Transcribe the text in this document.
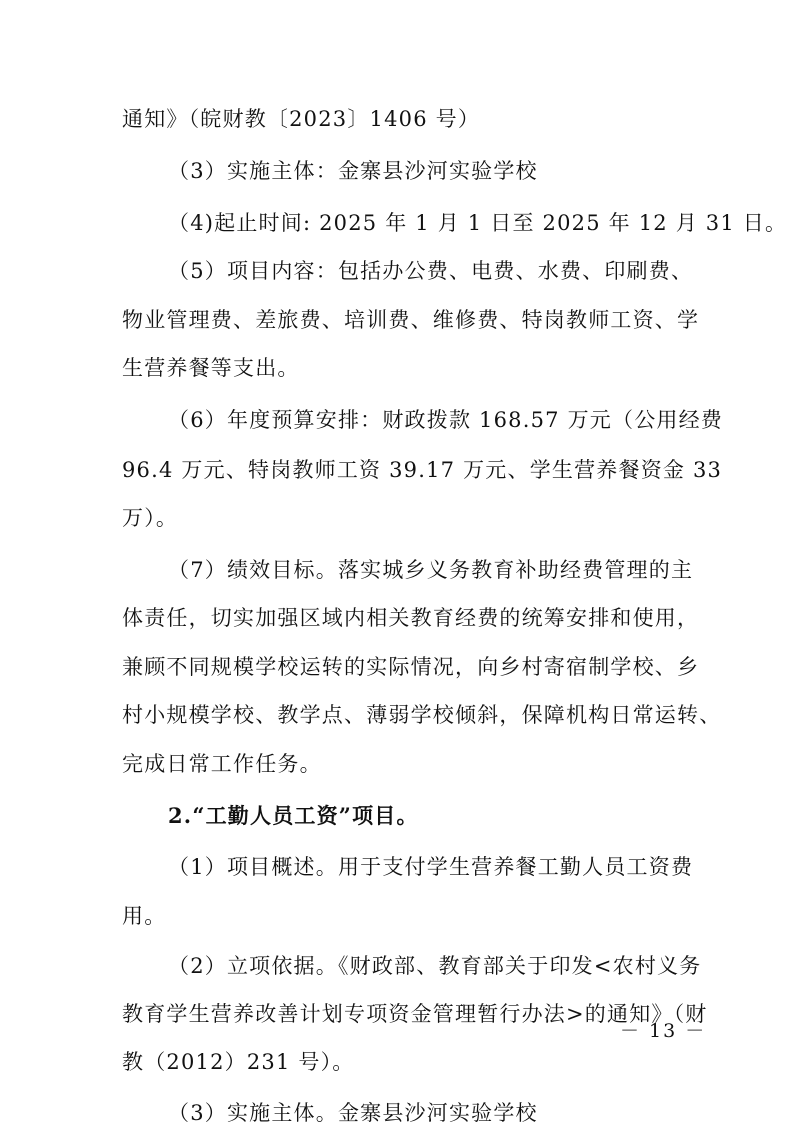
通知》（皖财教〔2023〕1406 号）
（3）实施主体：金寨县沙河实验学校
（4)起止时间: 2025 年 1 月 1 日至 2025 年 12 月 31 日。
（5）项目内容：包括办公费、电费、水费、印刷费、
物业管理费、差旅费、培训费、维修费、特岗教师工资、学
生营养餐等支出。
（6）年度预算安排：财政拨款 168.57 万元（公用经费
96.4 万元、特岗教师工资 39.17 万元、学生营养餐资金 33
万）。
（7）绩效目标。落实城乡义务教育补助经费管理的主
体责任，切实加强区域内相关教育经费的统筹安排和使用，
兼顾不同规模学校运转的实际情况，向乡村寄宿制学校、乡
村小规模学校、教学点、薄弱学校倾斜，保障机构日常运转、
完成日常工作任务。
2.“工勤人员工资”项目。
（1）项目概述。用于支付学生营养餐工勤人员工资费
用。
（2）立项依据。《财政部、教育部关于印发<农村义务
教育学生营养改善计划专项资金管理暂行办法>的通知》（财
教（2012）231 号）。
（3）实施主体。金寨县沙河实验学校
－ 13 －
